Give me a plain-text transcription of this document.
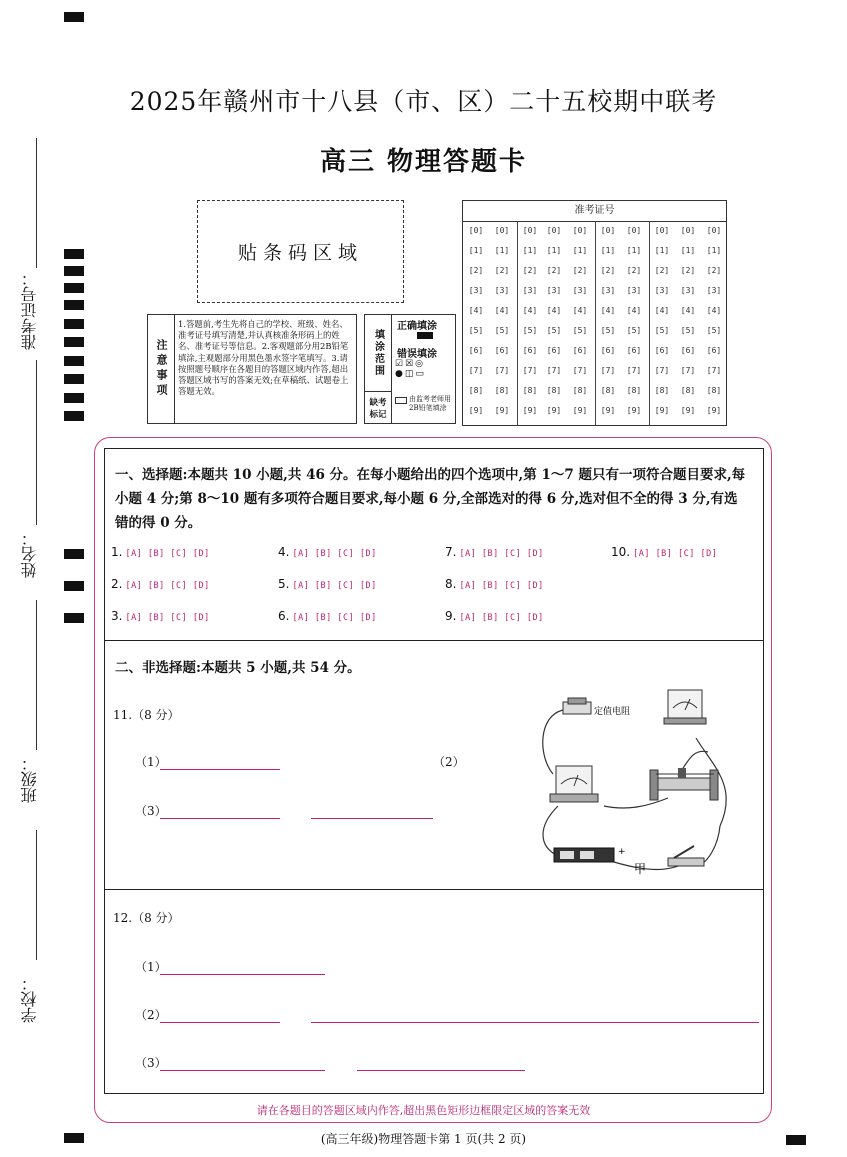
准考证号：
姓名：
班级：
学校：
2025年赣州市十八县（市、区）二十五校期中联考
高三 物理答题卡
贴条码区域
准考证号
[0]
[1]
[2]
[3]
[4]
[5]
[6]
[7]
[8]
[9]
[0]
[1]
[2]
[3]
[4]
[5]
[6]
[7]
[8]
[9]
[0]
[1]
[2]
[3]
[4]
[5]
[6]
[7]
[8]
[9]
[0]
[1]
[2]
[3]
[4]
[5]
[6]
[7]
[8]
[9]
[0]
[1]
[2]
[3]
[4]
[5]
[6]
[7]
[8]
[9]
[0]
[1]
[2]
[3]
[4]
[5]
[6]
[7]
[8]
[9]
[0]
[1]
[2]
[3]
[4]
[5]
[6]
[7]
[8]
[9]
[0]
[1]
[2]
[3]
[4]
[5]
[6]
[7]
[8]
[9]
[0]
[1]
[2]
[3]
[4]
[5]
[6]
[7]
[8]
[9]
[0]
[1]
[2]
[3]
[4]
[5]
[6]
[7]
[8]
[9]
注意事项
1.答题前,考生先将自己的学校、班级、姓名、准考证号填写清楚,并认真核准条形码上的姓名、准考证号等信息。2.客观题部分用2B铅笔填涂,主观题部分用黑色墨水签字笔填写。3.请按照题号顺序在各题目的答题区域内作答,超出答题区域书写的答案无效;在草稿纸、试题卷上答题无效。
填涂范围
正确填涂
错误填涂
☑☒◎
●◫▭
缺考标记
由监考老师用2B铅笔填涂
一、选择题:本题共 10 小题,共 46 分。在每小题给出的四个选项中,第 1～7 题只有一项符合题目要求,每小题 4 分;第 8～10 题有多项符合题目要求,每小题 6 分,全部选对的得 6 分,选对但不全的得 3 分,有选错的得 0 分。
1. [A] [B] [C] [D]
2. [A] [B] [C] [D]
3. [A] [B] [C] [D]
4. [A] [B] [C] [D]
5. [A] [B] [C] [D]
6. [A] [B] [C] [D]
7. [A] [B] [C] [D]
8. [A] [B] [C] [D]
9. [A] [B] [C] [D]
10. [A] [B] [C] [D]
二、非选择题:本题共 5 小题,共 54 分。
11.（8 分）
（1）	（2）
（3）
定值电阻
+
甲
12.（8 分）
（1）
（2）
（3）
请在各题目的答题区域内作答,超出黑色矩形边框限定区域的答案无效
(高三年级)物理答题卡第 1 页(共 2 页)
